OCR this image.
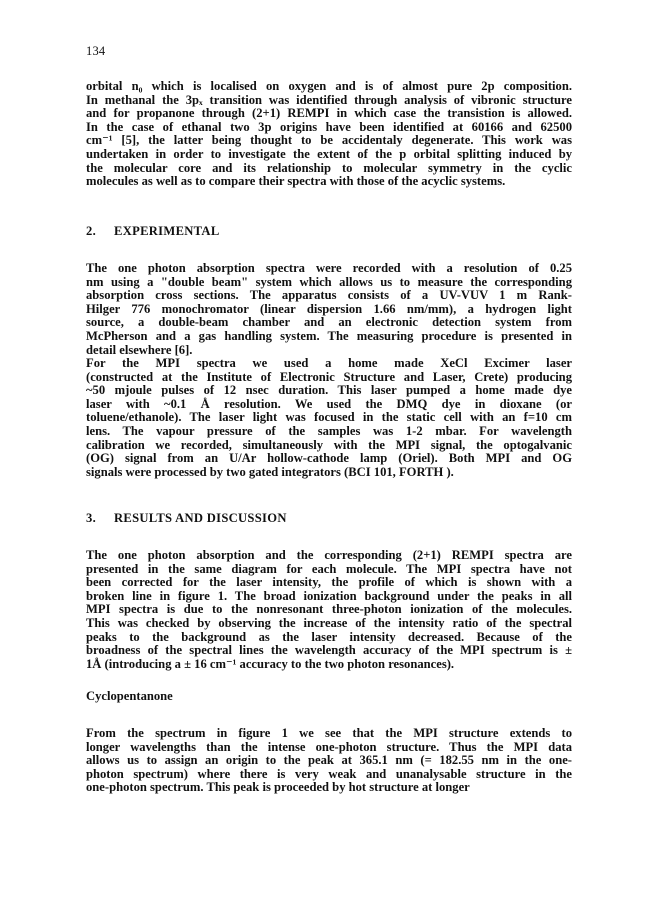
134
orbital n₀ which is localised on oxygen and is of almost pure 2p composition.
In methanal the 3pₓ transition was identified through analysis of vibronic structure
and for propanone through (2+1) REMPI in which case the transistion is allowed.
In the case of ethanal two 3p origins have been identified at 60166 and 62500
cm⁻¹ [5], the latter being thought to be accidentaly degenerate. This work was
undertaken in order to investigate the extent of the p orbital splitting induced by
the molecular core and its relationship to molecular symmetry in the cyclic
molecules as well as to compare their spectra with those of the acyclic systems.
2. EXPERIMENTAL
The one photon absorption spectra were recorded with a resolution of 0.25
nm using a "double beam" system which allows us to measure the corresponding
absorption cross sections. The apparatus consists of a UV-VUV 1 m Rank-
Hilger 776 monochromator (linear dispersion 1.66 nm/mm), a hydrogen light
source, a double-beam chamber and an electronic detection system from
McPherson and a gas handling system. The measuring procedure is presented in
detail elsewhere [6].
For the MPI spectra we used a home made XeCl Excimer laser
(constructed at the Institute of Electronic Structure and Laser, Crete) producing
~50 mjoule pulses of 12 nsec duration. This laser pumped a home made dye
laser with ~0.1 Å resolution. We used the DMQ dye in dioxane (or
toluene/ethanole). The laser light was focused in the static cell with an f=10 cm
lens. The vapour pressure of the samples was 1-2 mbar. For wavelength
calibration we recorded, simultaneously with the MPI signal, the optogalvanic
(OG) signal from an U/Ar hollow-cathode lamp (Oriel). Both MPI and OG
signals were processed by two gated integrators (BCI 101, FORTH ).
3. RESULTS AND DISCUSSION
The one photon absorption and the corresponding (2+1) REMPI spectra are
presented in the same diagram for each molecule. The MPI spectra have not
been corrected for the laser intensity, the profile of which is shown with a
broken line in figure 1. The broad ionization background under the peaks in all
MPI spectra is due to the nonresonant three-photon ionization of the molecules.
This was checked by observing the increase of the intensity ratio of the spectral
peaks to the background as the laser intensity decreased. Because of the
broadness of the spectral lines the wavelength accuracy of the MPI spectrum is ±
1Å (introducing a ± 16 cm⁻¹ accuracy to the two photon resonances).
Cyclopentanone
From the spectrum in figure 1 we see that the MPI structure extends to
longer wavelengths than the intense one-photon structure. Thus the MPI data
allows us to assign an origin to the peak at 365.1 nm (= 182.55 nm in the one-
photon spectrum) where there is very weak and unanalysable structure in the
one-photon spectrum. This peak is proceeded by hot structure at longer
